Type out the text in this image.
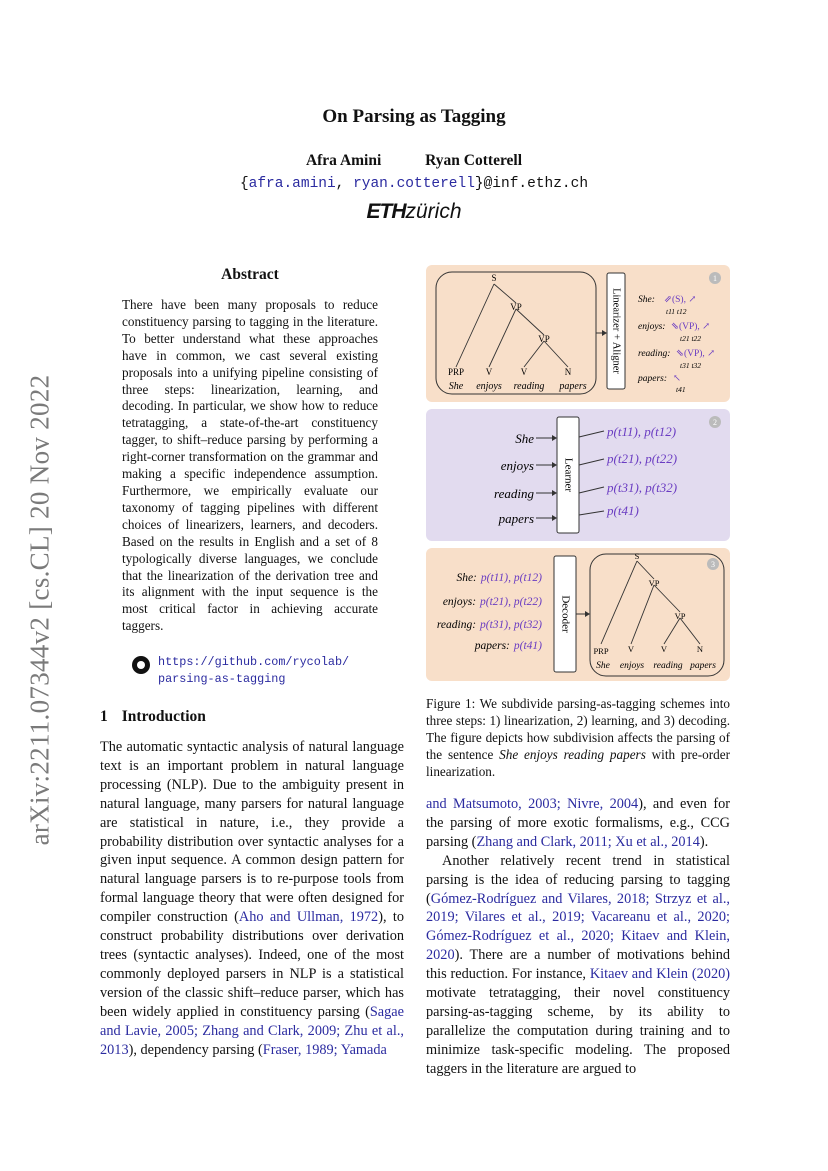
arXiv:2211.07344v2 [cs.CL] 20 Nov 2022
On Parsing as Tagging
Afra Amini	Ryan Cotterell
{afra.amini, ryan.cotterell}@inf.ethz.ch
ETHzürich
Abstract
There have been many proposals to reduce constituency parsing to tagging in the literature. To better understand what these approaches have in common, we cast several existing proposals into a unifying pipeline consisting of three steps: linearization, learning, and decoding. In particular, we show how to reduce tetratagging, a state-of-the-art constituency tagger, to shift–reduce parsing by performing a right-corner transformation on the grammar and making a specific independence assumption. Furthermore, we empirically evaluate our taxonomy of tagging pipelines with different choices of linearizers, learners, and decoders. Based on the results in English and a set of 8 typologically diverse languages, we conclude that the linearization of the derivation tree and its alignment with the input sequence is the most critical factor in achieving accurate taggers.
https://github.com/rycolab/
parsing-as-tagging
1 Introduction
The automatic syntactic analysis of natural language text is an important problem in natural language processing (NLP). Due to the ambiguity present in natural language, many parsers for natural language are statistical in nature, i.e., they provide a probability distribution over syntactic analyses for a given input sequence. A common design pattern for natural language parsers is to re-purpose tools from formal language theory that were often designed for compiler construction (Aho and Ullman, 1972), to construct probability distributions over derivation trees (syntactic analyses). Indeed, one of the most commonly deployed parsers in NLP is a statistical version of the classic shift–reduce parser, which has been widely applied in constituency parsing (Sagae and Lavie, 2005; Zhang and Clark, 2009; Zhu et al., 2013), dependency parsing (Fraser, 1989; Yamada
S
VP
VP
PRP V	V	N
She enjoys reading papers
Linearizer + Aligner
1
She: ⇗(S), ↗
t11 t12
enjoys: ⇘(VP), ↗
t21 t22
reading: ⇘(VP), ↗
t31 t32
papers: ↖
t41
2
She
enjoys
reading
papers
Learner
p(t11), p(t12)
p(t21), p(t22)
p(t31), p(t32)
p(t41)
3
She: p(t11), p(t12)
enjoys: p(t21), p(t22)
reading: p(t31), p(t32)
papers: p(t41)
Decoder
S
VP
VP
PRP V	V	N
She enjoys reading papers
Figure 1: We subdivide parsing-as-tagging schemes into three steps: 1) linearization, 2) learning, and 3) decoding. The figure depicts how subdivision affects the parsing of the sentence She enjoys reading papers with pre-order linearization.

and Matsumoto, 2003; Nivre, 2004), and even for the parsing of more exotic formalisms, e.g., CCG parsing (Zhang and Clark, 2011; Xu et al., 2014).

Another relatively recent trend in statistical parsing is the idea of reducing parsing to tagging (Gómez-Rodríguez and Vilares, 2018; Strzyz et al., 2019; Vilares et al., 2019; Vacareanu et al., 2020; Gómez-Rodríguez et al., 2020; Kitaev and Klein, 2020). There are a number of motivations behind this reduction. For instance, Kitaev and Klein (2020) motivate tetratagging, their novel constituency parsing-as-tagging scheme, by its ability to parallelize the computation during training and to minimize task-specific modeling. The proposed taggers in the literature are argued to
